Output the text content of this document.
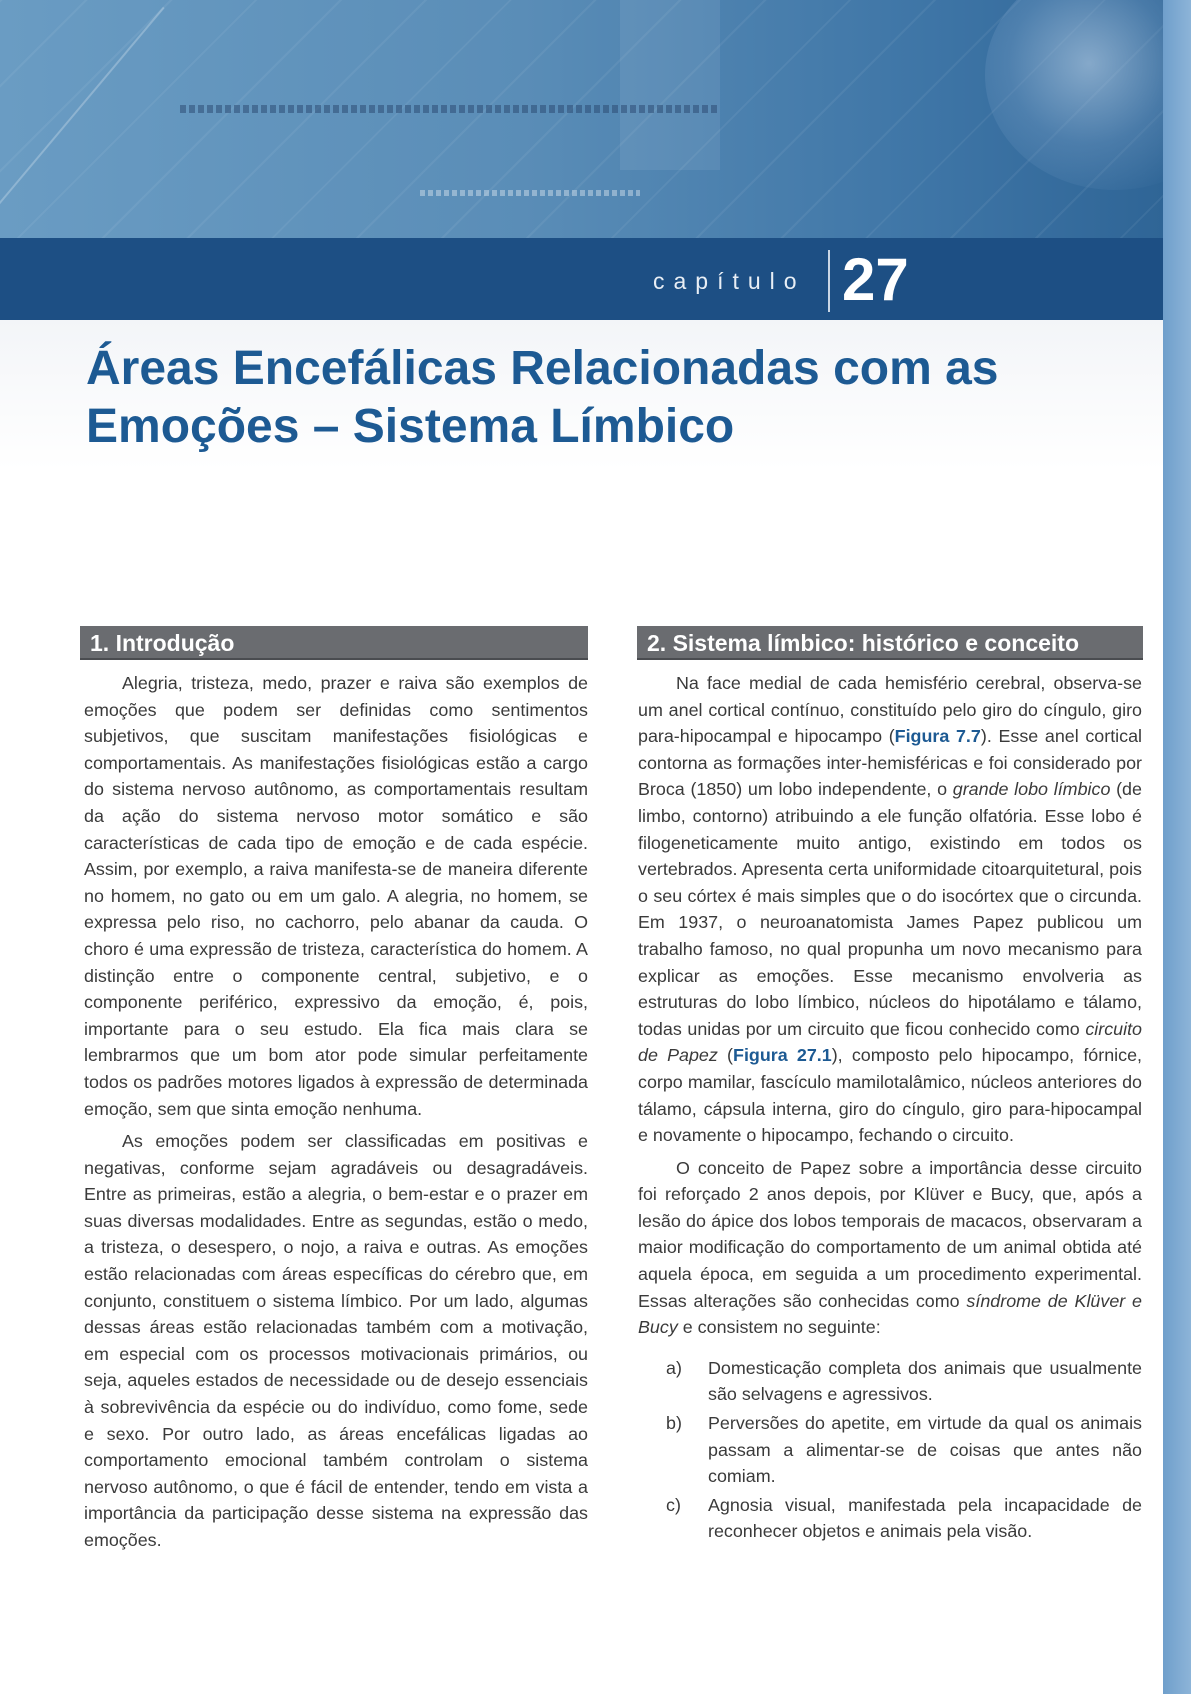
capítulo 27
Áreas Encefálicas Relacionadas com as Emoções – Sistema Límbico
1. Introdução

Alegria, tristeza, medo, prazer e raiva são exemplos de emoções que podem ser definidas como sentimentos subjetivos, que suscitam manifestações fisiológicas e comportamentais. As manifestações fisiológicas estão a cargo do sistema nervoso autônomo, as comportamentais resultam da ação do sistema nervoso motor somático e são características de cada tipo de emoção e de cada espécie. Assim, por exemplo, a raiva manifesta-se de maneira diferente no homem, no gato ou em um galo. A alegria, no homem, se expressa pelo riso, no cachorro, pelo abanar da cauda. O choro é uma expressão de tristeza, característica do homem. A distinção entre o componente central, subjetivo, e o componente periférico, expressivo da emoção, é, pois, importante para o seu estudo. Ela fica mais clara se lembrarmos que um bom ator pode simular perfeitamente todos os padrões motores ligados à expressão de determinada emoção, sem que sinta emoção nenhuma.

As emoções podem ser classificadas em positivas e negativas, conforme sejam agradáveis ou desagradáveis. Entre as primeiras, estão a alegria, o bem-estar e o prazer em suas diversas modalidades. Entre as segundas, estão o medo, a tristeza, o desespero, o nojo, a raiva e outras. As emoções estão relacionadas com áreas específicas do cérebro que, em conjunto, constituem o sistema límbico. Por um lado, algumas dessas áreas estão relacionadas também com a motivação, em especial com os processos motivacionais primários, ou seja, aqueles estados de necessidade ou de desejo essenciais à sobrevivência da espécie ou do indivíduo, como fome, sede e sexo. Por outro lado, as áreas encefálicas ligadas ao comportamento emocional também controlam o sistema nervoso autônomo, o que é fácil de entender, tendo em vista a importância da participação desse sistema na expressão das emoções.

2. Sistema límbico: histórico e conceito

Na face medial de cada hemisfério cerebral, observa-se um anel cortical contínuo, constituído pelo giro do cíngulo, giro para-hipocampal e hipocampo (Figura 7.7). Esse anel cortical contorna as formações inter-hemisféricas e foi considerado por Broca (1850) um lobo independente, o grande lobo límbico (de limbo, contorno) atribuindo a ele função olfatória. Esse lobo é filogeneticamente muito antigo, existindo em todos os vertebrados. Apresenta certa uniformidade citoarquitetural, pois o seu córtex é mais simples que o do isocórtex que o circunda. Em 1937, o neuroanatomista James Papez publicou um trabalho famoso, no qual propunha um novo mecanismo para explicar as emoções. Esse mecanismo envolveria as estruturas do lobo límbico, núcleos do hipotálamo e tálamo, todas unidas por um circuito que ficou conhecido como circuito de Papez (Figura 27.1), composto pelo hipocampo, fórnice, corpo mamilar, fascículo mamilotalâmico, núcleos anteriores do tálamo, cápsula interna, giro do cíngulo, giro para-hipocampal e novamente o hipocampo, fechando o circuito.

O conceito de Papez sobre a importância desse circuito foi reforçado 2 anos depois, por Klüver e Bucy, que, após a lesão do ápice dos lobos temporais de macacos, observaram a maior modificação do comportamento de um animal obtida até aquela época, em seguida a um procedimento experimental. Essas alterações são conhecidas como síndrome de Klüver e Bucy e consistem no seguinte:

a) Domesticação completa dos animais que usualmente são selvagens e agressivos.
b) Perversões do apetite, em virtude da qual os animais passam a alimentar-se de coisas que antes não comiam.
c) Agnosia visual, manifestada pela incapacidade de reconhecer objetos e animais pela visão.
